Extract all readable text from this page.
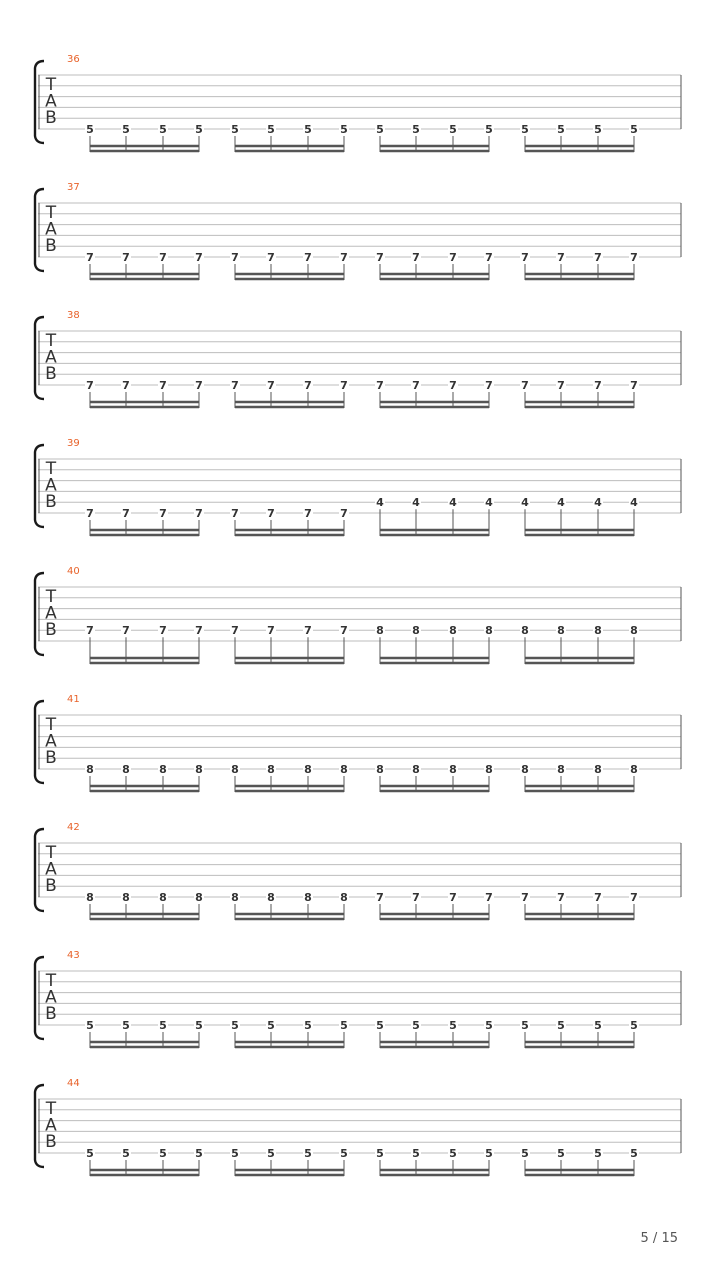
36
T
A
B
5	5	5	5	5	5	5	5	5	5	5	5	5	5	5	5
37
T
A
B
7	7	7	7	7	7	7	7	7	7	7	7	7	7	7	7
38
T
A
B
7	7	7	7	7	7	7	7	7	7	7	7	7	7	7	7
39
T
A
B
7	7	7	7	7	7	7	7
4	4	4	4	4	4	4	4
40
T
A
B	7	7	7	7	7	7	7	7	8	8	8	8	8	8	8	8
41
T
A
B
8	8	8	8	8	8	8	8	8	8	8	8	8	8	8	8
42
T
A
B
8	8	8	8	8	8	8	8	7	7	7	7	7	7	7	7
43
T
A
B
5	5	5	5	5	5	5	5	5	5	5	5	5	5	5	5
44
T
A
B
5	5	5	5	5	5	5	5	5	5	5	5	5	5	5	5
5 / 15
